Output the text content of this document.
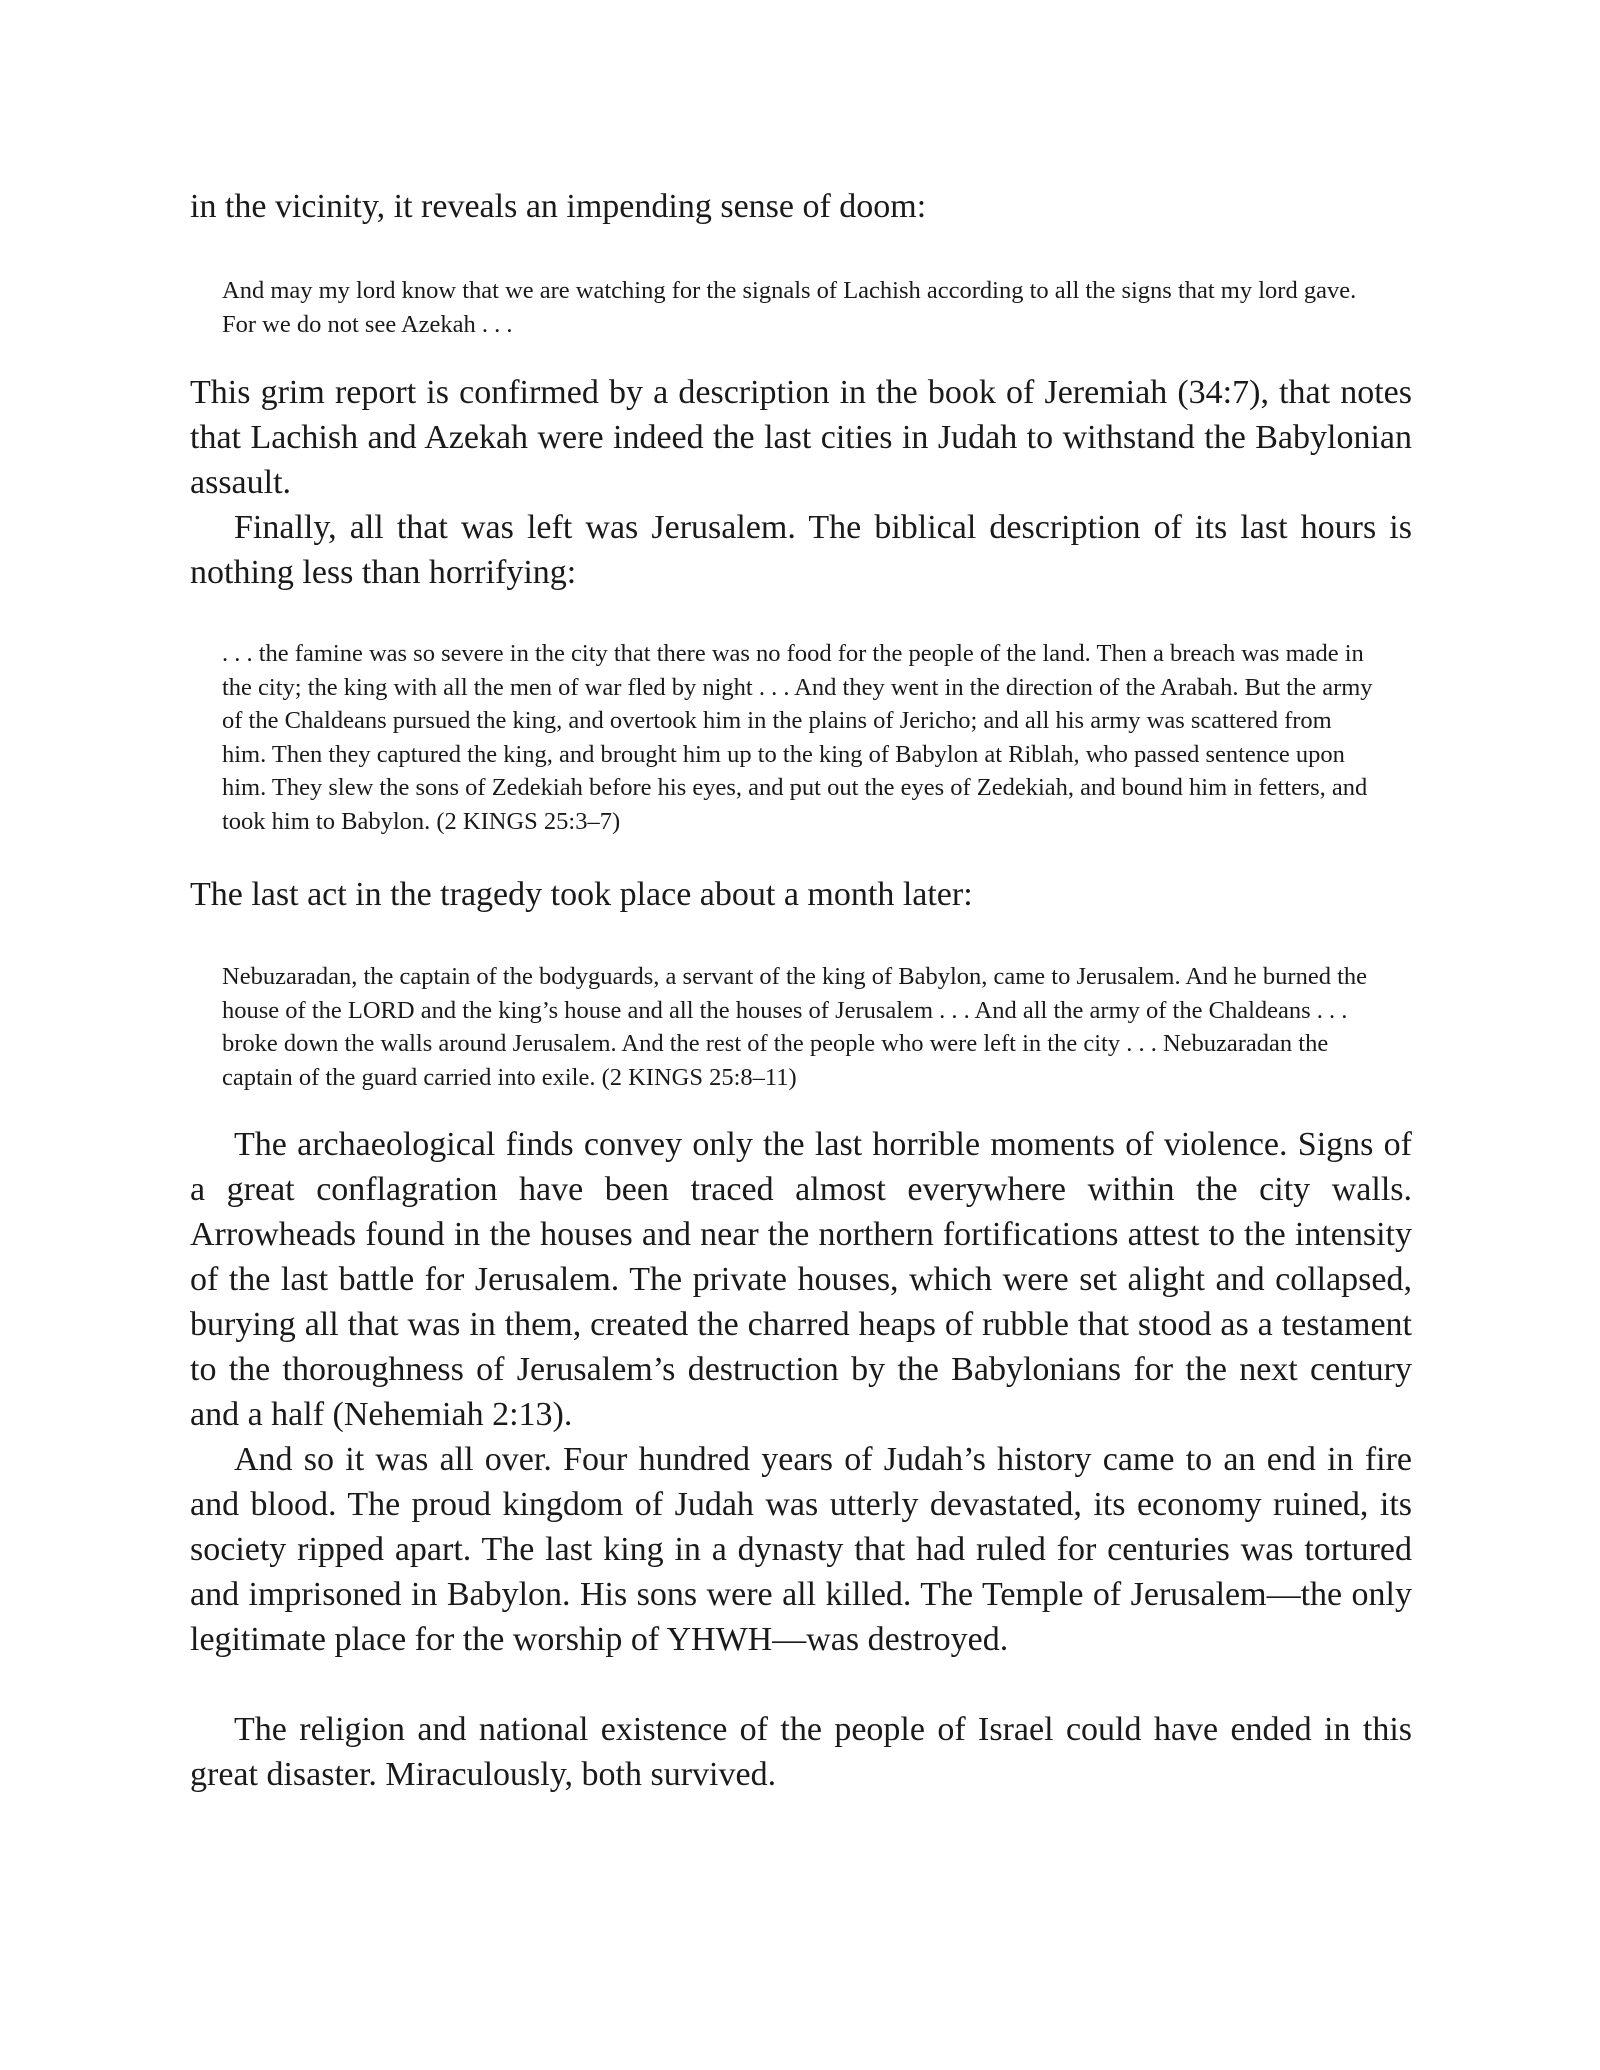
in the vicinity, it reveals an impending sense of doom:

And may my lord know that we are watching for the signals of Lachish according to all the signs that my lord gave. For we do not see Azekah . . .

This grim report is confirmed by a description in the book of Jeremiah (34:7), that notes that Lachish and Azekah were indeed the last cities in Judah to withstand the Babylonian assault.

Finally, all that was left was Jerusalem. The biblical description of its last hours is nothing less than horrifying:

. . . the famine was so severe in the city that there was no food for the people of the land. Then a breach was made in the city; the king with all the men of war fled by night . . . And they went in the direction of the Arabah. But the army of the Chaldeans pursued the king, and overtook him in the plains of Jericho; and all his army was scattered from him. Then they captured the king, and brought him up to the king of Babylon at Riblah, who passed sentence upon him. They slew the sons of Zedekiah before his eyes, and put out the eyes of Zedekiah, and bound him in fetters, and took him to Babylon. (2 KINGS 25:3–7)

The last act in the tragedy took place about a month later:

Nebuzaradan, the captain of the bodyguards, a servant of the king of Babylon, came to Jerusalem. And he burned the house of the LORD and the king’s house and all the houses of Jerusalem . . . And all the army of the Chaldeans . . . broke down the walls around Jerusalem. And the rest of the people who were left in the city . . . Nebuzaradan the captain of the guard carried into exile. (2 KINGS 25:8–11)

The archaeological finds convey only the last horrible moments of violence. Signs of a great conflagration have been traced almost everywhere within the city walls. Arrowheads found in the houses and near the northern fortifications attest to the intensity of the last battle for Jerusalem. The private houses, which were set alight and collapsed, burying all that was in them, created the charred heaps of rubble that stood as a testament to the thoroughness of Jerusalem’s destruction by the Babylonians for the next century and a half (Nehemiah 2:13).

And so it was all over. Four hundred years of Judah’s history came to an end in fire and blood. The proud kingdom of Judah was utterly devastated, its economy ruined, its society ripped apart. The last king in a dynasty that had ruled for centuries was tortured and imprisoned in Babylon. His sons were all killed. The Temple of Jerusalem—the only legitimate place for the worship of YHWH—was destroyed.

The religion and national existence of the people of Israel could have ended in this great disaster. Miraculously, both survived.
